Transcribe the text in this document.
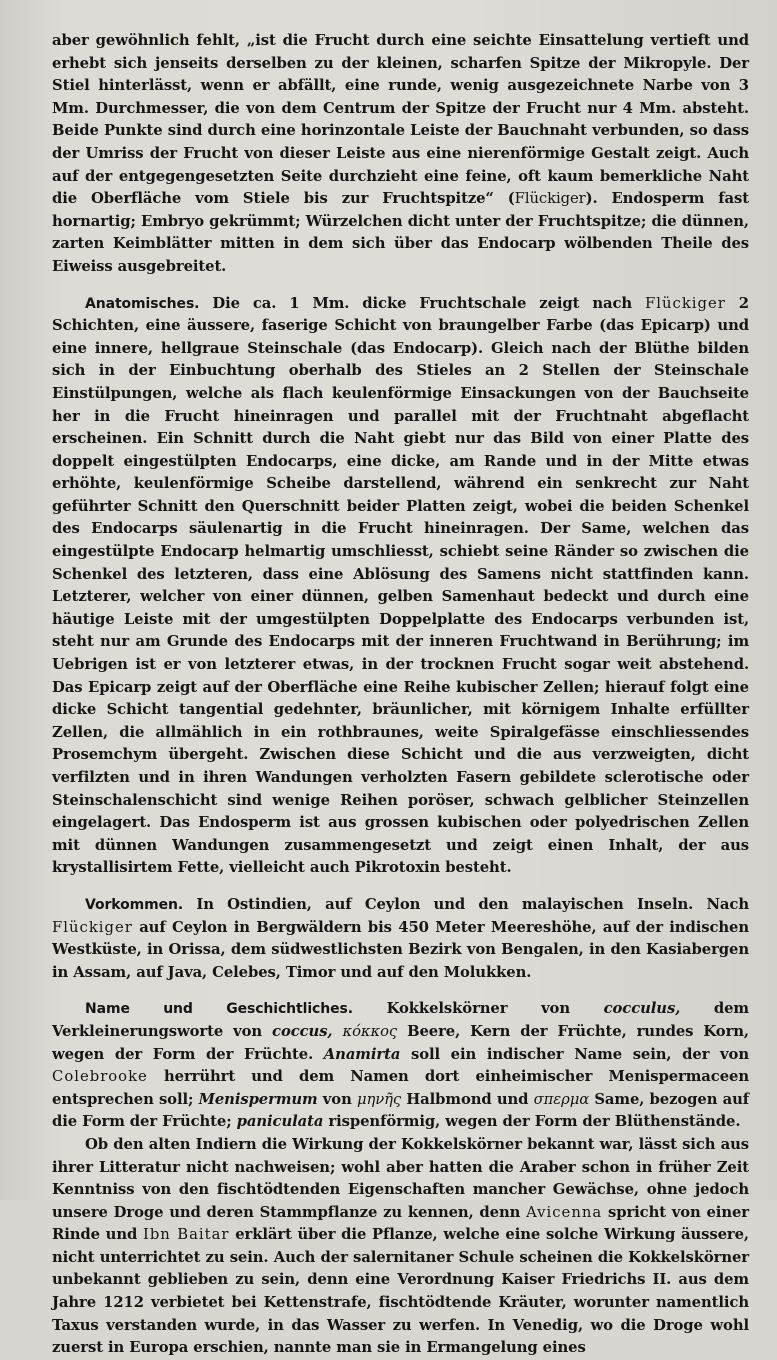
aber gewöhnlich fehlt, „ist die Frucht durch eine seichte Einsattelung vertieft und erhebt sich jenseits derselben zu der kleinen, scharfen Spitze der Mikropyle. Der Stiel hinterlässt, wenn er abfällt, eine runde, wenig ausgezeichnete Narbe von 3 Mm. Durchmesser, die von dem Centrum der Spitze der Frucht nur 4 Mm. absteht. Beide Punkte sind durch eine horinzontale Leiste der Bauchnaht verbunden, so dass der Umriss der Frucht von dieser Leiste aus eine nierenförmige Gestalt zeigt. Auch auf der entgegengesetzten Seite durchzieht eine feine, oft kaum bemerkliche Naht die Oberfläche vom Stiele bis zur Fruchtspitze“ (Flückiger). Endosperm fast hornartig; Embryo gekrümmt; Würzelchen dicht unter der Fruchtspitze; die dünnen, zarten Keimblätter mitten in dem sich über das Endocarp wölbenden Theile des Eiweiss ausgebreitet.

Anatomisches. Die ca. 1 Mm. dicke Fruchtschale zeigt nach Flückiger 2 Schichten, eine äussere, faserige Schicht von braungelber Farbe (das Epicarp) und eine innere, hellgraue Steinschale (das Endocarp). Gleich nach der Blüthe bilden sich in der Einbuchtung oberhalb des Stieles an 2 Stellen der Steinschale Einstülpungen, welche als flach keulenförmige Einsackungen von der Bauchseite her in die Frucht hineinragen und parallel mit der Fruchtnaht abgeflacht erscheinen. Ein Schnitt durch die Naht giebt nur das Bild von einer Platte des doppelt eingestülpten Endocarps, eine dicke, am Rande und in der Mitte etwas erhöhte, keulenförmige Scheibe darstellend, während ein senkrecht zur Naht geführter Schnitt den Querschnitt beider Platten zeigt, wobei die beiden Schenkel des Endocarps säulenartig in die Frucht hineinragen. Der Same, welchen das eingestülpte Endocarp helmartig umschliesst, schiebt seine Ränder so zwischen die Schenkel des letzteren, dass eine Ablösung des Samens nicht stattfinden kann. Letzterer, welcher von einer dünnen, gelben Samenhaut bedeckt und durch eine häutige Leiste mit der umgestülpten Doppelplatte des Endocarps verbunden ist, steht nur am Grunde des Endocarps mit der inneren Fruchtwand in Berührung; im Uebrigen ist er von letzterer etwas, in der trocknen Frucht sogar weit abstehend. Das Epicarp zeigt auf der Oberfläche eine Reihe kubischer Zellen; hierauf folgt eine dicke Schicht tangential gedehnter, bräunlicher, mit körnigem Inhalte erfüllter Zellen, die allmählich in ein rothbraunes, weite Spiralgefässe einschliessendes Prosemchym übergeht. Zwischen diese Schicht und die aus verzweigten, dicht verfilzten und in ihren Wandungen verholzten Fasern gebildete sclerotische oder Steinschalenschicht sind wenige Reihen poröser, schwach gelblicher Steinzellen eingelagert. Das Endosperm ist aus grossen kubischen oder polyedrischen Zellen mit dünnen Wandungen zusammengesetzt und zeigt einen Inhalt, der aus krystallisirtem Fette, vielleicht auch Pikrotoxin besteht.

Vorkommen. In Ostindien, auf Ceylon und den malayischen Inseln. Nach Flückiger auf Ceylon in Bergwäldern bis 450 Meter Meereshöhe, auf der indischen Westküste, in Orissa, dem südwestlichsten Bezirk von Bengalen, in den Kasiabergen in Assam, auf Java, Celebes, Timor und auf den Molukken.

Name und Geschichtliches. Kokkelskörner von cocculus, dem Verkleinerungsworte von coccus, κόκκος Beere, Kern der Früchte, rundes Korn, wegen der Form der Früchte. Anamirta soll ein indischer Name sein, der von Colebrooke herrührt und dem Namen dort einheimischer Menispermaceen entsprechen soll; Menispermum von μηνη̃ς Halbmond und σπερμα Same, bezogen auf die Form der Früchte; paniculata rispenförmig, wegen der Form der Blüthenstände.

Ob den alten Indiern die Wirkung der Kokkelskörner bekannt war, lässt sich aus ihrer Litteratur nicht nachweisen; wohl aber hatten die Araber schon in früher Zeit Kenntniss von den fischtödtenden Eigenschaften mancher Gewächse, ohne jedoch unsere Droge und deren Stammpflanze zu kennen, denn Avicenna spricht von einer Rinde und Ibn Baitar erklärt über die Pflanze, welche eine solche Wirkung äussere, nicht unterrichtet zu sein. Auch der salernitaner Schule scheinen die Kokkelskörner unbekannt geblieben zu sein, denn eine Verordnung Kaiser Friedrichs II. aus dem Jahre 1212 verbietet bei Kettenstrafe, fischtödtende Kräuter, worunter namentlich Taxus verstanden wurde, in das Wasser zu werfen. In Venedig, wo die Droge wohl zuerst in Europa erschien, nannte man sie in Ermangelung eines
